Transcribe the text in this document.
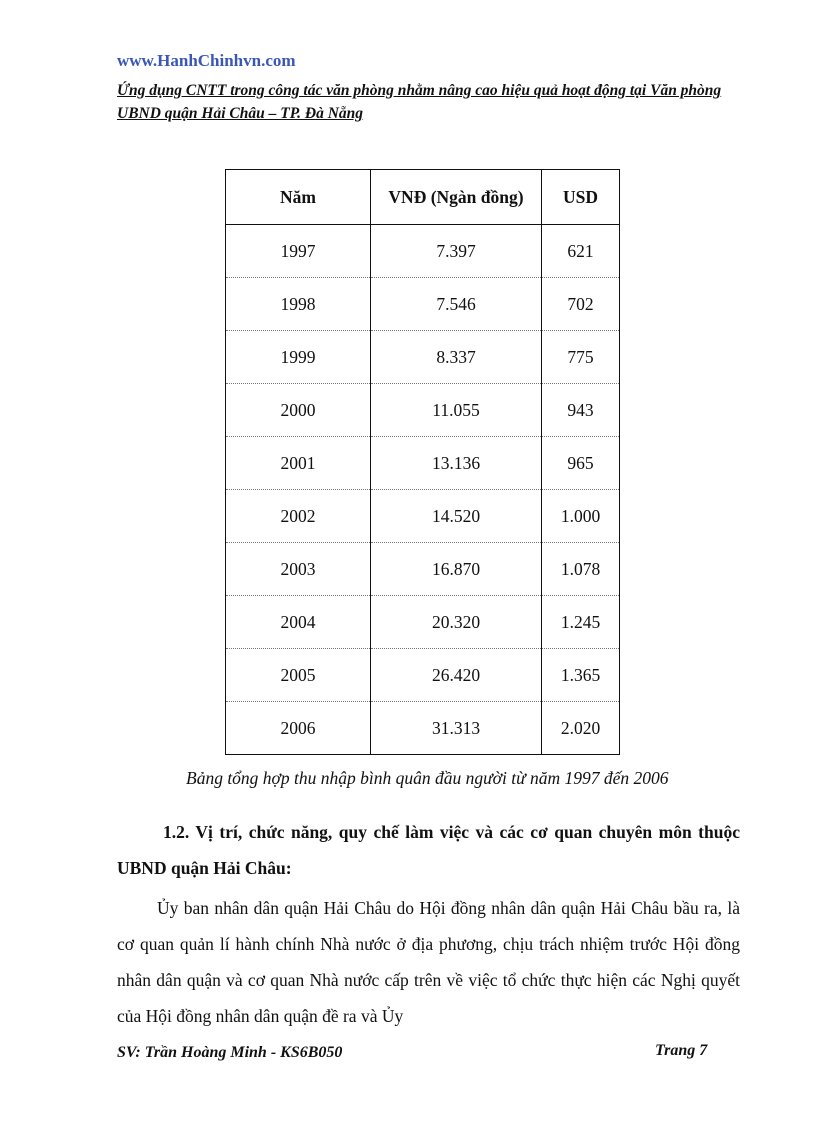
www.HanhChinhvn.com
Ứng dụng CNTT trong công tác văn phòng nhằm nâng cao hiệu quả hoạt động tại Văn phòng UBND quận Hải Châu – TP. Đà Nẵng
Năm	VNĐ (Ngàn đồng)	USD
1997	7.397	621
1998	7.546	702
1999	8.337	775
2000	11.055	943
2001	13.136	965
2002	14.520	1.000
2003	16.870	1.078
2004	20.320	1.245
2005	26.420	1.365
2006	31.313	2.020
Bảng tổng hợp thu nhập bình quân đầu người từ năm 1997 đến 2006
1.2. Vị trí, chức năng, quy chế làm việc và các cơ quan chuyên môn thuộc UBND quận Hải Châu:
Ủy ban nhân dân quận Hải Châu do Hội đồng nhân dân quận Hải Châu bầu ra, là cơ quan quản lí hành chính Nhà nước ở địa phương, chịu trách nhiệm trước Hội đồng nhân dân quận và cơ quan Nhà nước cấp trên về việc tổ chức thực hiện các Nghị quyết của Hội đồng nhân dân quận đề ra và Ủy
SV: Trần Hoàng Minh - KS6B050	Trang 7
